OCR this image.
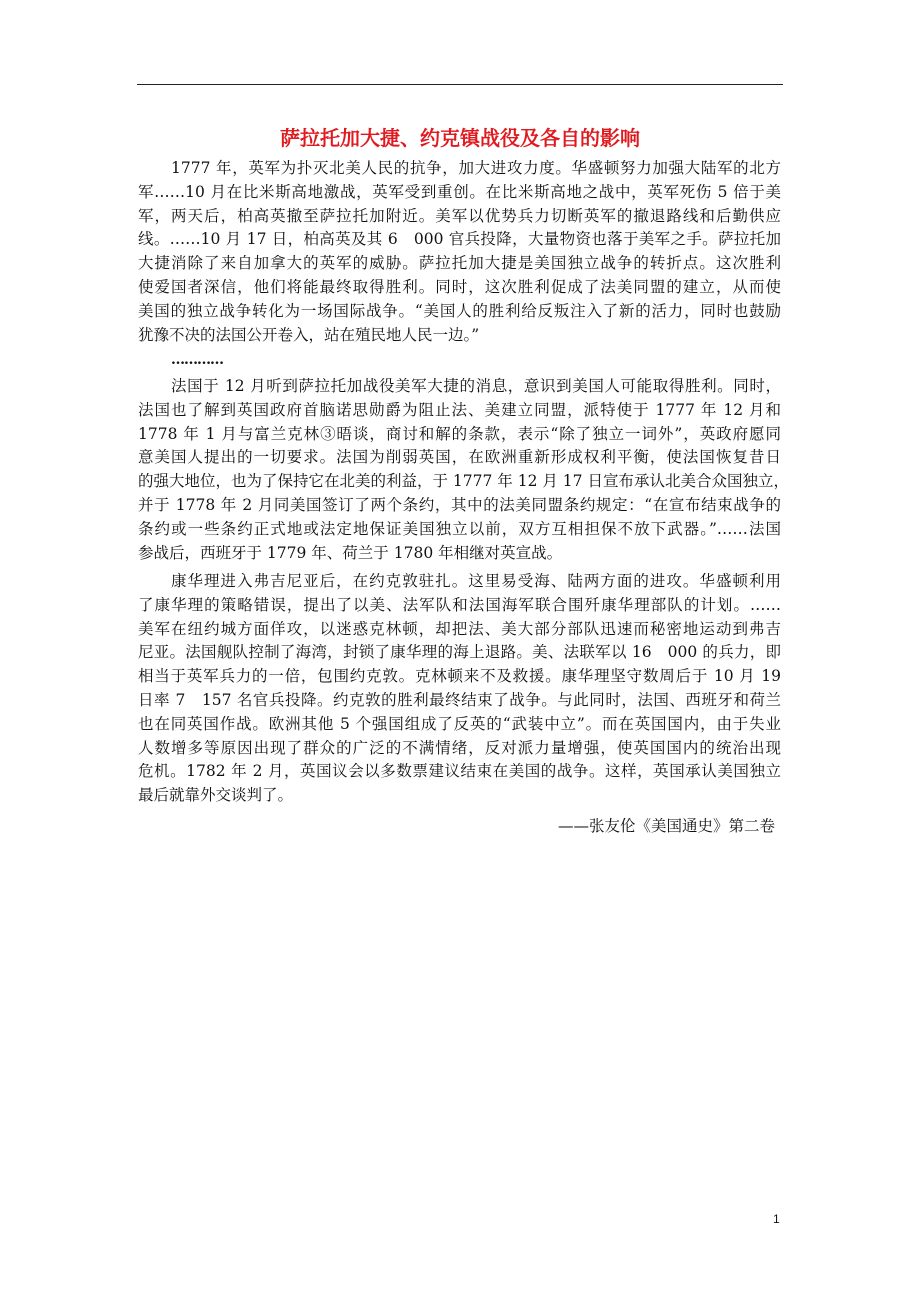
萨拉托加大捷、约克镇战役及各自的影响
1777 年，英军为扑灭北美人民的抗争，加大进攻力度。华盛顿努力加强大陆军的北方
军……10 月在比米斯高地激战，英军受到重创。在比米斯高地之战中，英军死伤 5 倍于美
军，两天后，柏高英撤至萨拉托加附近。美军以优势兵力切断英军的撤退路线和后勤供应
线。……10 月 17 日，柏高英及其 6　000 官兵投降，大量物资也落于美军之手。萨拉托加
大捷消除了来自加拿大的英军的威胁。萨拉托加大捷是美国独立战争的转折点。这次胜利
使爱国者深信，他们将能最终取得胜利。同时，这次胜利促成了法美同盟的建立，从而使
美国的独立战争转化为一场国际战争。“美国人的胜利给反叛注入了新的活力，同时也鼓励
犹豫不决的法国公开卷入，站在殖民地人民一边。”
…………
法国于 12 月听到萨拉托加战役美军大捷的消息，意识到美国人可能取得胜利。同时，
法国也了解到英国政府首脑诺思勋爵为阻止法、美建立同盟，派特使于 1777 年 12 月和
1778 年 1 月与富兰克林③晤谈，商讨和解的条款，表示“除了独立一词外”，英政府愿同
意美国人提出的一切要求。法国为削弱英国，在欧洲重新形成权利平衡，使法国恢复昔日
的强大地位，也为了保持它在北美的利益，于 1777 年 12 月 17 日宣布承认北美合众国独立，
并于 1778 年 2 月同美国签订了两个条约，其中的法美同盟条约规定：“在宣布结束战争的
条约或一些条约正式地或法定地保证美国独立以前，双方互相担保不放下武器。”……法国
参战后，西班牙于 1779 年、荷兰于 1780 年相继对英宣战。
康华理进入弗吉尼亚后，在约克敦驻扎。这里易受海、陆两方面的进攻。华盛顿利用
了康华理的策略错误，提出了以美、法军队和法国海军联合围歼康华理部队的计划。……
美军在纽约城方面佯攻，以迷惑克林顿，却把法、美大部分部队迅速而秘密地运动到弗吉
尼亚。法国舰队控制了海湾，封锁了康华理的海上退路。美、法联军以 16　000 的兵力，即
相当于英军兵力的一倍，包围约克敦。克林顿来不及救援。康华理坚守数周后于 10 月 19
日率 7　157 名官兵投降。约克敦的胜利最终结束了战争。与此同时，法国、西班牙和荷兰
也在同英国作战。欧洲其他 5 个强国组成了反英的“武装中立”。而在英国国内，由于失业
人数增多等原因出现了群众的广泛的不满情绪，反对派力量增强，使英国国内的统治出现
危机。1782 年 2 月，英国议会以多数票建议结束在美国的战争。这样，英国承认美国独立
最后就靠外交谈判了。
——张友伦《美国通史》第二卷
1
